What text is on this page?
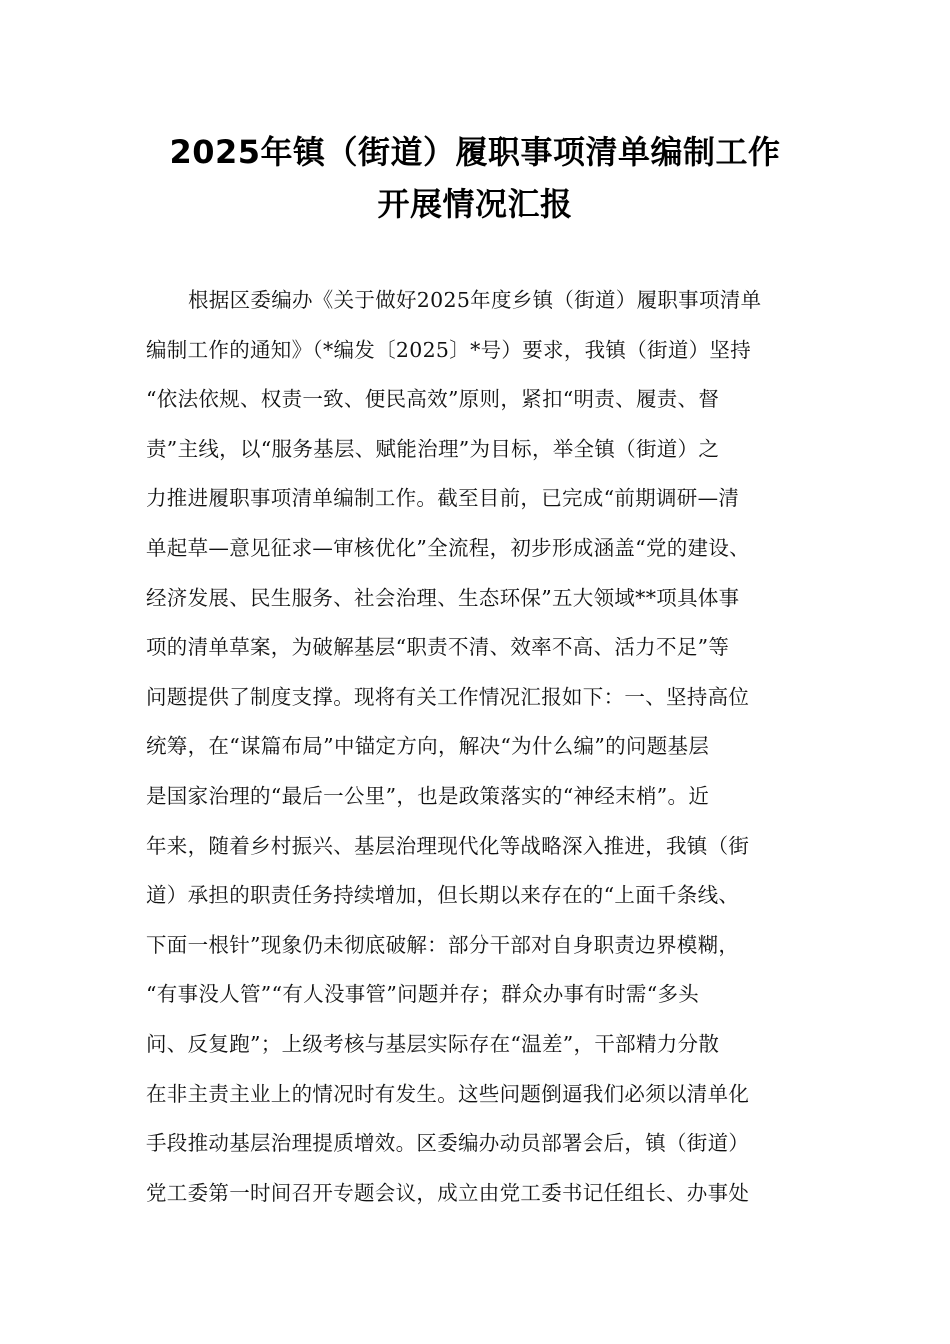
2025年镇（街道）履职事项清单编制工作
开展情况汇报
根据区委编办《关于做好2025年度乡镇（街道）履职事项清单
编制工作的通知》（*编发〔2025〕*号）要求，我镇（街道）坚持
“依法依规、权责一致、便民高效”原则，紧扣“明责、履责、督
责”主线，以“服务基层、赋能治理”为目标，举全镇（街道）之
力推进履职事项清单编制工作。截至目前，已完成“前期调研—清
单起草—意见征求—审核优化”全流程，初步形成涵盖“党的建设、
经济发展、民生服务、社会治理、生态环保”五大领域**项具体事
项的清单草案，为破解基层“职责不清、效率不高、活力不足”等
问题提供了制度支撑。现将有关工作情况汇报如下：一、坚持高位
统筹，在“谋篇布局”中锚定方向，解决“为什么编”的问题基层
是国家治理的“最后一公里”，也是政策落实的“神经末梢”。近
年来，随着乡村振兴、基层治理现代化等战略深入推进，我镇（街
道）承担的职责任务持续增加，但长期以来存在的“上面千条线、
下面一根针”现象仍未彻底破解：部分干部对自身职责边界模糊，
“有事没人管”“有人没事管”问题并存；群众办事有时需“多头
问、反复跑”；上级考核与基层实际存在“温差”，干部精力分散
在非主责主业上的情况时有发生。这些问题倒逼我们必须以清单化
手段推动基层治理提质增效。区委编办动员部署会后，镇（街道）
党工委第一时间召开专题会议，成立由党工委书记任组长、办事处
